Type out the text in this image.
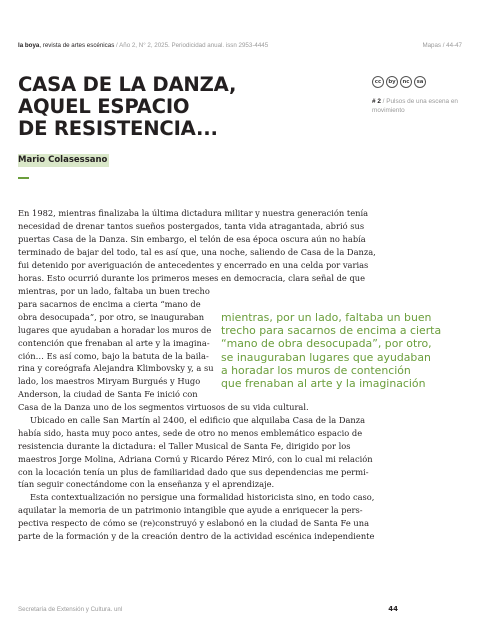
la boya, revista de artes escénicas / Año 2, N° 2, 2025. Periodicidad anual. issn 2953-4445	Mapas / 44-47
CASA DE LA DANZA,
AQUEL ESPACIO
DE RESISTENCIA...
cc	by	nc	sa
# 2 / Pulsos de una escena en movimiento
Mario Colasessano
En 1982, mientras finalizaba la última dictadura militar y nuestra generación tenía
necesidad de drenar tantos sueños postergados, tanta vida atragantada, abrió sus
puertas Casa de la Danza. Sin embargo, el telón de esa época oscura aún no había
terminado de bajar del todo, tal es así que, una noche, saliendo de Casa de la Danza,
fui detenido por averiguación de antecedentes y encerrado en una celda por varias
horas. Esto ocurrió durante los primeros meses en democracia, clara señal de que
mientras, por un lado, faltaba un buen trecho
para sacarnos de encima a cierta “mano de
obra desocupada”, por otro, se inauguraban
lugares que ayudaban a horadar los muros de
contención que frenaban al arte y la imagina-
ción… Es así como, bajo la batuta de la baila-
rina y coreógrafa Alejandra Klimbovsky y, a su
lado, los maestros Miryam Burgués y Hugo
Anderson, la ciudad de Santa Fe inició con
mientras, por un lado, faltaba un buen
trecho para sacarnos de encima a cierta
“mano de obra desocupada”, por otro,
se inauguraban lugares que ayudaban
a horadar los muros de contención
que frenaban al arte y la imaginación
Casa de la Danza uno de los segmentos virtuosos de su vida cultural.
Ubicado en calle San Martín al 2400, el edificio que alquilaba Casa de la Danza
había sido, hasta muy poco antes, sede de otro no menos emblemático espacio de
resistencia durante la dictadura: el Taller Musical de Santa Fe, dirigido por los
maestros Jorge Molina, Adriana Cornú y Ricardo Pérez Miró, con lo cual mi relación
con la locación tenía un plus de familiaridad dado que sus dependencias me permi-
tían seguir conectándome con la enseñanza y el aprendizaje.
Esta contextualización no persigue una formalidad historicista sino, en todo caso,
aquilatar la memoria de un patrimonio intangible que ayude a enriquecer la pers-
pectiva respecto de cómo se (re)construyó y eslabonó en la ciudad de Santa Fe una
parte de la formación y de la creación dentro de la actividad escénica independiente
Secretaría de Extensión y Cultura. unl	44
